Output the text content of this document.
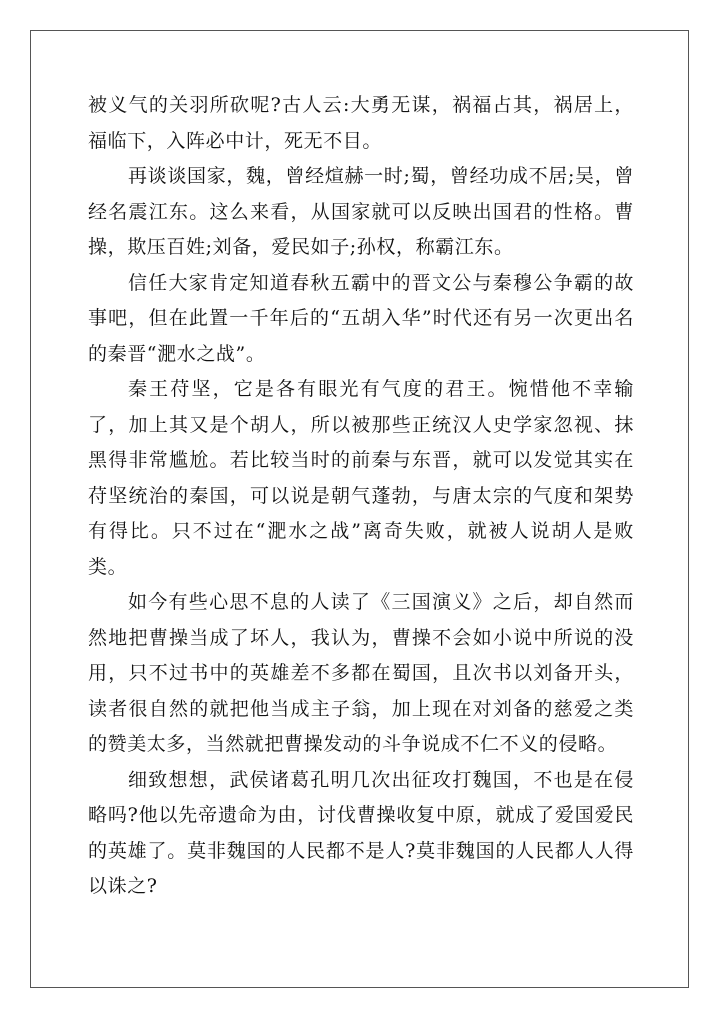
被义气的关羽所砍呢?古人云:大勇无谋，祸福占其，祸居上，福临下，入阵必中计，死无不目。

再谈谈国家，魏，曾经煊赫一时;蜀，曾经功成不居;吴，曾经名震江东。这么来看，从国家就可以反映出国君的性格。曹操，欺压百姓;刘备，爱民如子;孙权，称霸江东。

信任大家肯定知道春秋五霸中的晋文公与秦穆公争霸的故事吧，但在此置一千年后的“五胡入华”时代还有另一次更出名的秦晋“淝水之战”。

秦王苻坚，它是各有眼光有气度的君王。惋惜他不幸输了，加上其又是个胡人，所以被那些正统汉人史学家忽视、抹黑得非常尴尬。若比较当时的前秦与东晋，就可以发觉其实在苻坚统治的秦国，可以说是朝气蓬勃，与唐太宗的气度和架势有得比。只不过在“淝水之战”离奇失败，就被人说胡人是败类。

如今有些心思不息的人读了《三国演义》之后，却自然而然地把曹操当成了坏人，我认为，曹操不会如小说中所说的没用，只不过书中的英雄差不多都在蜀国，且次书以刘备开头，读者很自然的就把他当成主子翁，加上现在对刘备的慈爱之类的赞美太多，当然就把曹操发动的斗争说成不仁不义的侵略。

细致想想，武侯诸葛孔明几次出征攻打魏国，不也是在侵略吗?他以先帝遗命为由，讨伐曹操收复中原，就成了爱国爱民的英雄了。莫非魏国的人民都不是人?莫非魏国的人民都人人得以诛之?
